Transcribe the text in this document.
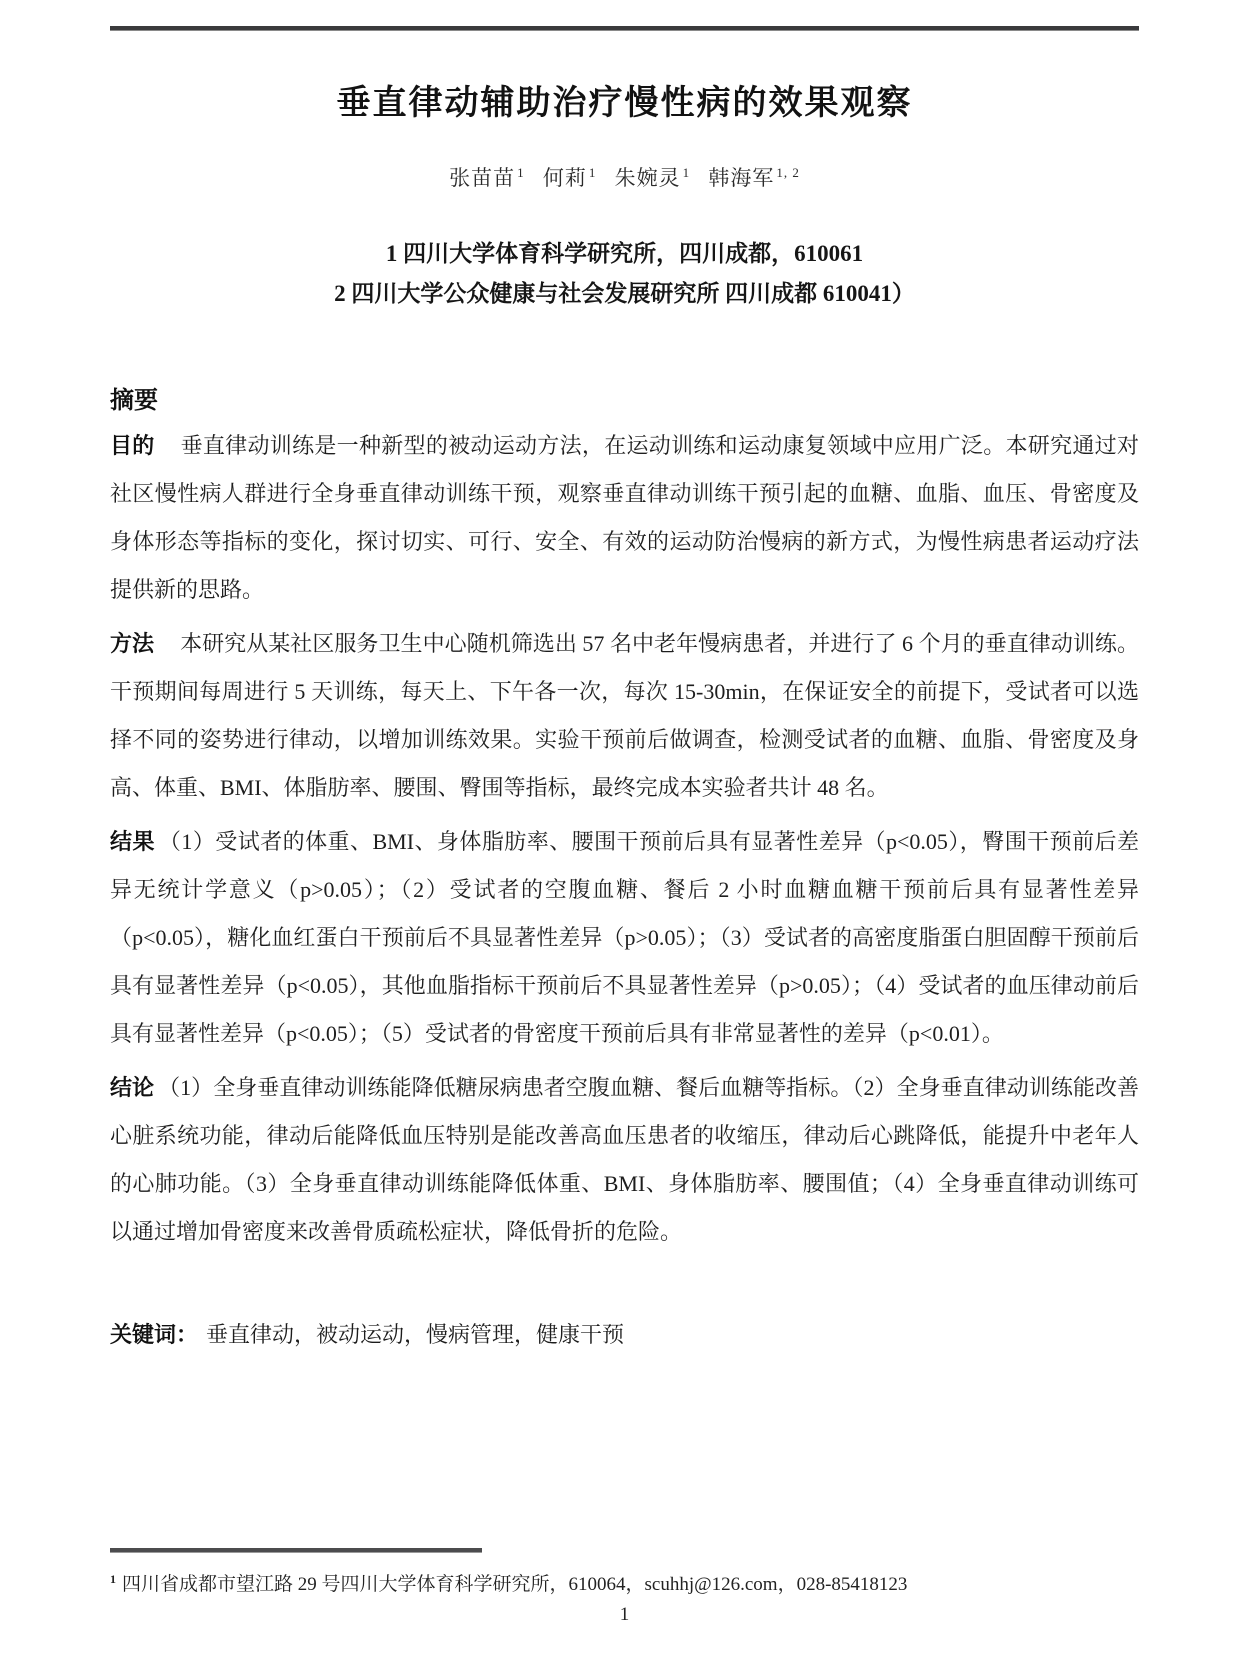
垂直律动辅助治疗慢性病的效果观察
张苗苗 $^1$ 何莉 $^1$ 朱婉灵 $^1$ 韩海军 $^{1, 2}$
1 四川大学体育科学研究所，四川成都，610061
2 四川大学公众健康与社会发展研究所 四川成都 610041）
摘要

目的 垂直律动训练是一种新型的被动运动方法，在运动训练和运动康复领域中应用广泛。本研究通过对社区慢性病人群进行全身垂直律动训练干预，观察垂直律动训练干预引起的血糖、血脂、血压、骨密度及身体形态等指标的变化，探讨切实、可行、安全、有效的运动防治慢病的新方式，为慢性病患者运动疗法提供新的思路。

方法 本研究从某社区服务卫生中心随机筛选出 57 名中老年慢病患者，并进行了 6 个月的垂直律动训练。干预期间每周进行 5 天训练，每天上、下午各一次，每次 15-30min，在保证安全的前提下，受试者可以选择不同的姿势进行律动，以增加训练效果。实验干预前后做调查，检测受试者的血糖、血脂、骨密度及身高、体重、BMI、体脂肪率、腰围、臀围等指标，最终完成本实验者共计 48 名。

结果 （1）受试者的体重、BMI、身体脂肪率、腰围干预前后具有显著性差异（p<0.05），臀围干预前后差异无统计学意义（p>0.05）；（2）受试者的空腹血糖、餐后 2 小时血糖血糖干预前后具有显著性差异（p<0.05），糖化血红蛋白干预前后不具显著性差异（p>0.05）；（3）受试者的高密度脂蛋白胆固醇干预前后具有显著性差异（p<0.05），其他血脂指标干预前后不具显著性差异（p>0.05）；（4）受试者的血压律动前后具有显著性差异（p<0.05）；（5）受试者的骨密度干预前后具有非常显著性的差异（p<0.01）。

结论 （1）全身垂直律动训练能降低糖尿病患者空腹血糖、餐后血糖等指标。（2）全身垂直律动训练能改善心脏系统功能，律动后能降低血压特别是能改善高血压患者的收缩压，律动后心跳降低，能提升中老年人的心肺功能。（3）全身垂直律动训练能降低体重、BMI、身体脂肪率、腰围值；（4）全身垂直律动训练可以通过增加骨密度来改善骨质疏松症状，降低骨折的危险。

关键词： 垂直律动，被动运动，慢病管理，健康干预
$^1$ 四川省成都市望江路 29 号四川大学体育科学研究所，610064，scuhhj@126.com，028-85418123
1
